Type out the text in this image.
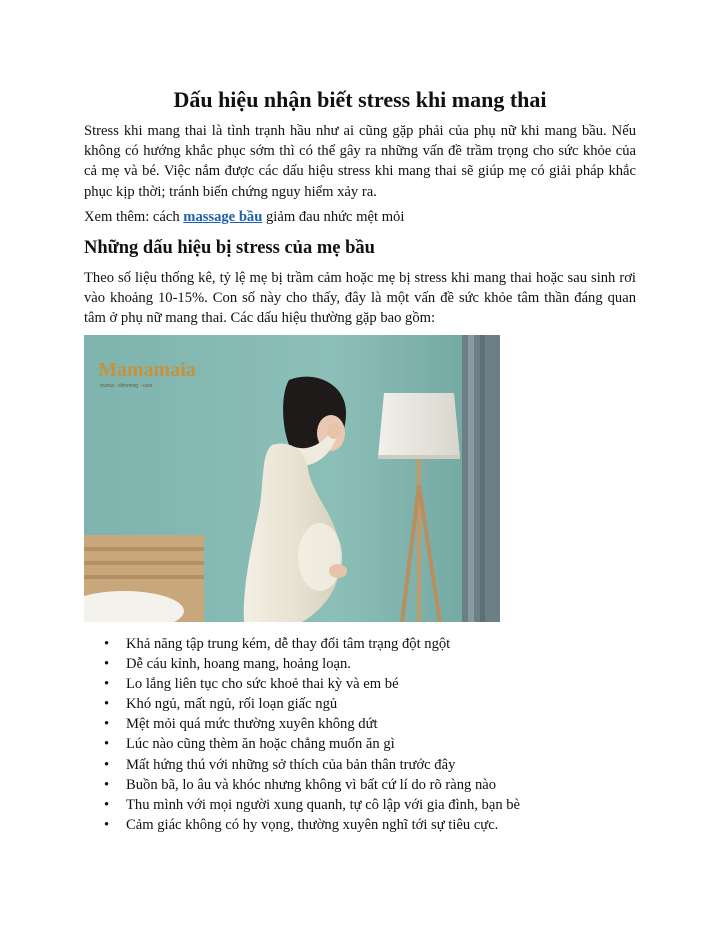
Dấu hiệu nhận biết stress khi mang thai

Stress khi mang thai là tình trạnh hầu như ai cũng gặp phải của phụ nữ khi mang bầu. Nếu không có hướng khắc phục sớm thì có thể gây ra những vấn đề trầm trọng cho sức khỏe của cả mẹ và bé. Việc nắm được các dấu hiệu stress khi mang thai sẽ giúp mẹ có giải pháp khắc phục kịp thời; tránh biến chứng nguy hiểm xảy ra.

Xem thêm: cách massage bầu giảm đau nhức mệt mỏi

Những dấu hiệu bị stress của mẹ bầu

Theo số liệu thống kê, tỷ lệ mẹ bị trầm cảm hoặc mẹ bị stress khi mang thai hoặc sau sinh rơi vào khoảng 10-15%. Con số này cho thấy, đây là một vấn đề sức khỏe tâm thần đáng quan tâm ở phụ nữ mang thai. Các dấu hiệu thường gặp bao gồm:

Mamamaia
mama · slimming · care
• Khả năng tập trung kém, dễ thay đổi tâm trạng đột ngột
• Dễ cáu kỉnh, hoang mang, hoảng loạn.
• Lo lắng liên tục cho sức khoẻ thai kỳ và em bé
• Khó ngủ, mất ngủ, rối loạn giấc ngủ
• Mệt mỏi quá mức thường xuyên không dứt
• Lúc nào cũng thèm ăn hoặc chẳng muốn ăn gì
• Mất hứng thú với những sở thích của bản thân trước đây
• Buồn bã, lo âu và khóc nhưng không vì bất cứ lí do rõ ràng nào
• Thu mình với mọi người xung quanh, tự cô lập với gia đình, bạn bè
• Cảm giác không có hy vọng, thường xuyên nghĩ tới sự tiêu cực.
